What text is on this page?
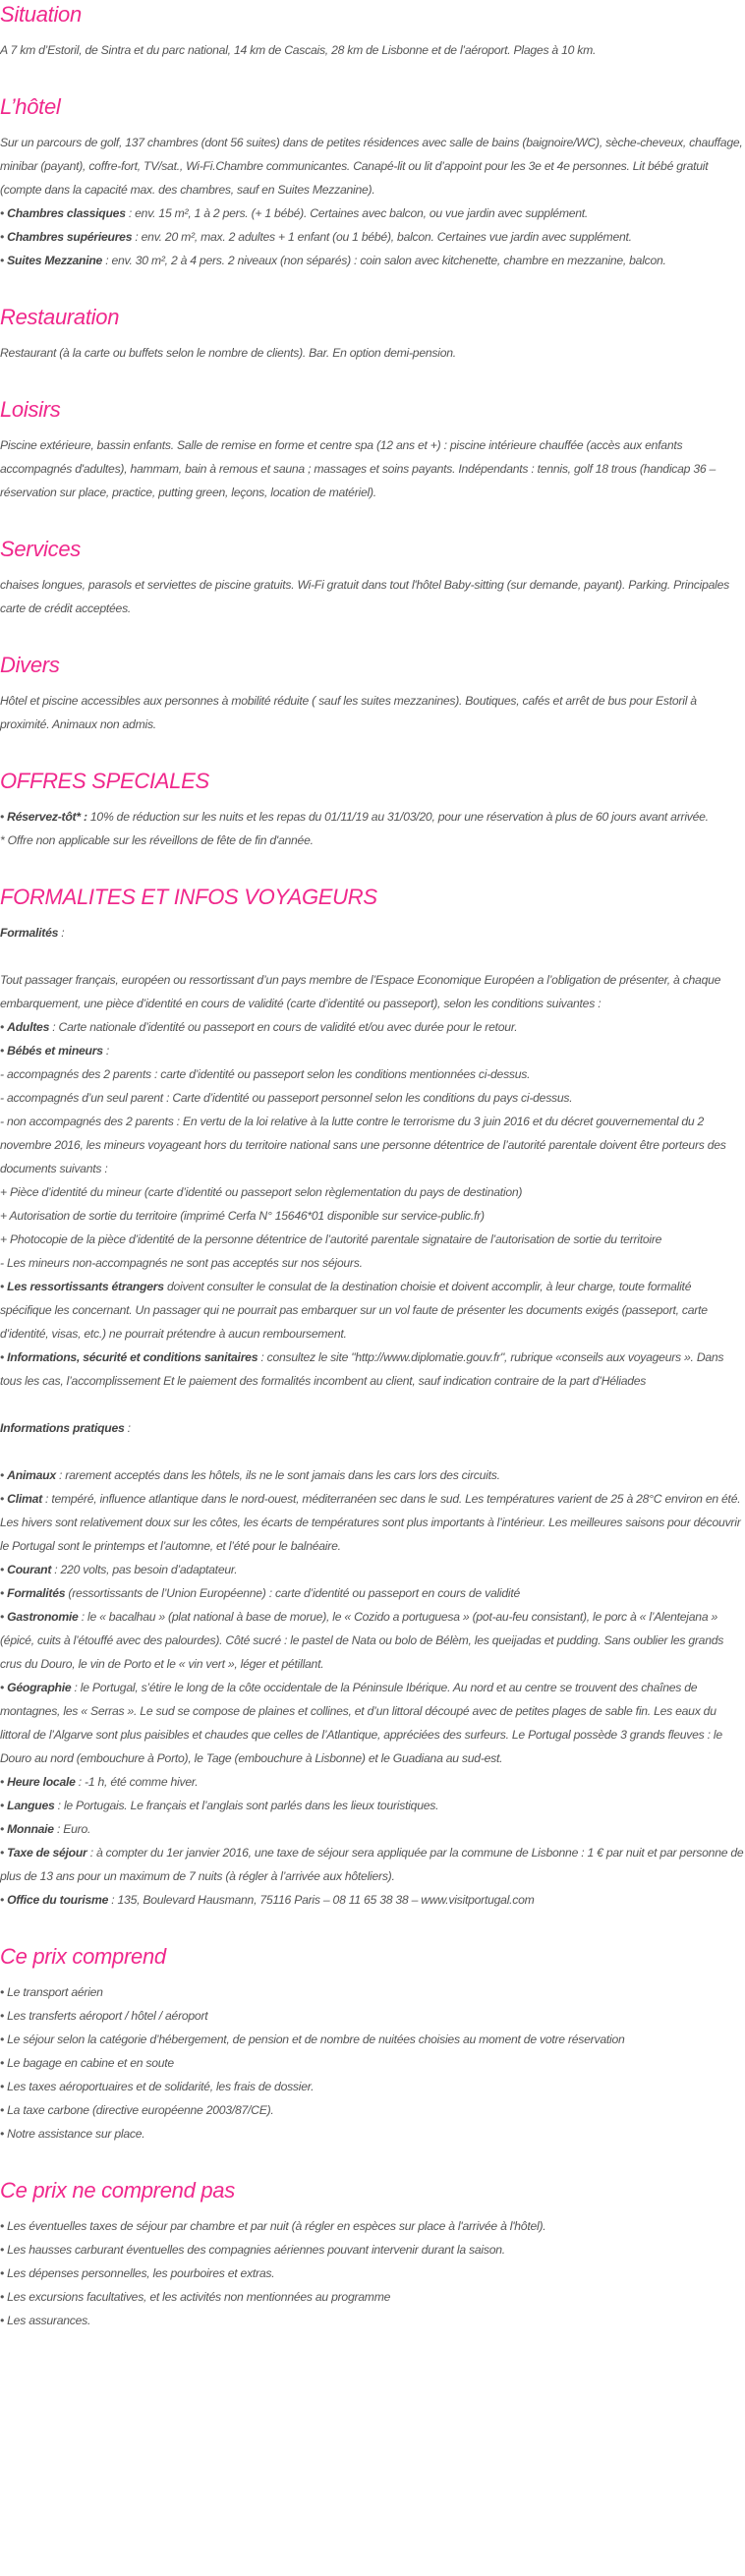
Situation

A 7 km d’Estoril, de Sintra et du parc national, 14 km de Cascais, 28 km de Lisbonne et de l’aéroport. Plages à 10 km.

L’hôtel

Sur un parcours de golf, 137 chambres (dont 56 suites) dans de petites résidences avec salle de bains (baignoire/WC), sèche-cheveux, chauffage, minibar (payant), coffre-fort, TV/sat., Wi-Fi.Chambre communicantes. Canapé-lit ou lit d’appoint pour les 3e et 4e personnes. Lit bébé gratuit (compte dans la capacité max. des chambres, sauf en Suites Mezzanine).

• Chambres classiques : env. 15 m², 1 à 2 pers. (+ 1 bébé). Certaines avec balcon, ou vue jardin avec supplément.

• Chambres supérieures : env. 20 m², max. 2 adultes + 1 enfant (ou 1 bébé), balcon. Certaines vue jardin avec supplément.

• Suites Mezzanine : env. 30 m², 2 à 4 pers. 2 niveaux (non séparés) : coin salon avec kitchenette, chambre en mezzanine, balcon.

Restauration

Restaurant (à la carte ou buffets selon le nombre de clients). Bar. En option demi-pension.

Loisirs

Piscine extérieure, bassin enfants. Salle de remise en forme et centre spa (12 ans et +) : piscine intérieure chauffée (accès aux enfants accompagnés d'adultes), hammam, bain à remous et sauna ; massages et soins payants. Indépendants : tennis, golf 18 trous (handicap 36 – réservation sur place, practice, putting green, leçons, location de matériel).

Services

chaises longues, parasols et serviettes de piscine gratuits. Wi-Fi gratuit dans tout l'hôtel Baby-sitting (sur demande, payant). Parking. Principales carte de crédit acceptées.

Divers

Hôtel et piscine accessibles aux personnes à mobilité réduite ( sauf les suites mezzanines). Boutiques, cafés et arrêt de bus pour Estoril à proximité. Animaux non admis.

OFFRES SPECIALES

• Réservez-tôt* : 10% de réduction sur les nuits et les repas du 01/11/19 au 31/03/20, pour une réservation à plus de 60 jours avant arrivée.

* Offre non applicable sur les réveillons de fête de fin d'année.

FORMALITES ET INFOS VOYAGEURS

Formalités :

Tout passager français, européen ou ressortissant d’un pays membre de l’Espace Economique Européen a l’obligation de présenter, à chaque embarquement, une pièce d’identité en cours de validité (carte d’identité ou passeport), selon les conditions suivantes :

• Adultes : Carte nationale d’identité ou passeport en cours de validité et/ou avec durée pour le retour.

• Bébés et mineurs :

- accompagnés des 2 parents : carte d’identité ou passeport selon les conditions mentionnées ci-dessus.

- accompagnés d’un seul parent : Carte d’identité ou passeport personnel selon les conditions du pays ci-dessus.

- non accompagnés des 2 parents : En vertu de la loi relative à la lutte contre le terrorisme du 3 juin 2016 et du décret gouvernemental du 2 novembre 2016, les mineurs voyageant hors du territoire national sans une personne détentrice de l’autorité parentale doivent être porteurs des documents suivants :

+ Pièce d’identité du mineur (carte d’identité ou passeport selon règlementation du pays de destination)

+ Autorisation de sortie du territoire (imprimé Cerfa N° 15646*01 disponible sur service-public.fr)

+ Photocopie de la pièce d’identité de la personne détentrice de l’autorité parentale signataire de l’autorisation de sortie du territoire

- Les mineurs non-accompagnés ne sont pas acceptés sur nos séjours.

• Les ressortissants étrangers doivent consulter le consulat de la destination choisie et doivent accomplir, à leur charge, toute formalité spécifique les concernant. Un passager qui ne pourrait pas embarquer sur un vol faute de présenter les documents exigés (passeport, carte d’identité, visas, etc.) ne pourrait prétendre à aucun remboursement.

• Informations, sécurité et conditions sanitaires : consultez le site "http://www.diplomatie.gouv.fr", rubrique «conseils aux voyageurs ». Dans tous les cas, l’accomplissement Et le paiement des formalités incombent au client, sauf indication contraire de la part d’Héliades

Informations pratiques :

• Animaux : rarement acceptés dans les hôtels, ils ne le sont jamais dans les cars lors des circuits.

• Climat : tempéré, influence atlantique dans le nord-ouest, méditerranéen sec dans le sud. Les températures varient de 25 à 28°C environ en été. Les hivers sont relativement doux sur les côtes, les écarts de températures sont plus importants à l’intérieur. Les meilleures saisons pour découvrir le Portugal sont le printemps et l’automne, et l’été pour le balnéaire.

• Courant : 220 volts, pas besoin d’adaptateur.

• Formalités (ressortissants de l’Union Européenne) : carte d’identité ou passeport en cours de validité

• Gastronomie : le « bacalhau » (plat national à base de morue), le « Cozido a portuguesa » (pot-au-feu consistant), le porc à « l’Alentejana » (épicé, cuits à l’étouffé avec des palourdes). Côté sucré : le pastel de Nata ou bolo de Bélèm, les queijadas et pudding. Sans oublier les grands crus du Douro, le vin de Porto et le « vin vert », léger et pétillant.

• Géographie : le Portugal, s’étire le long de la côte occidentale de la Péninsule Ibérique. Au nord et au centre se trouvent des chaînes de montagnes, les « Serras ». Le sud se compose de plaines et collines, et d’un littoral découpé avec de petites plages de sable fin. Les eaux du littoral de l’Algarve sont plus paisibles et chaudes que celles de l’Atlantique, appréciées des surfeurs. Le Portugal possède 3 grands fleuves : le Douro au nord (embouchure à Porto), le Tage (embouchure à Lisbonne) et le Guadiana au sud-est.

• Heure locale : -1 h, été comme hiver.

• Langues : le Portugais. Le français et l’anglais sont parlés dans les lieux touristiques.

• Monnaie : Euro.

• Taxe de séjour : à compter du 1er janvier 2016, une taxe de séjour sera appliquée par la commune de Lisbonne : 1 € par nuit et par personne de plus de 13 ans pour un maximum de 7 nuits (à régler à l’arrivée aux hôteliers).

• Office du tourisme : 135, Boulevard Hausmann, 75116 Paris – 08 11 65 38 38 – www.visitportugal.com

Ce prix comprend

• Le transport aérien

• Les transferts aéroport / hôtel / aéroport

• Le séjour selon la catégorie d’hébergement, de pension et de nombre de nuitées choisies au moment de votre réservation

• Le bagage en cabine et en soute

• Les taxes aéroportuaires et de solidarité, les frais de dossier.

• La taxe carbone (directive européenne 2003/87/CE).

• Notre assistance sur place.

Ce prix ne comprend pas

• Les éventuelles taxes de séjour par chambre et par nuit (à régler en espèces sur place à l'arrivée à l'hôtel).

• Les hausses carburant éventuelles des compagnies aériennes pouvant intervenir durant la saison.

• Les dépenses personnelles, les pourboires et extras.

• Les excursions facultatives, et les activités non mentionnées au programme

• Les assurances.
